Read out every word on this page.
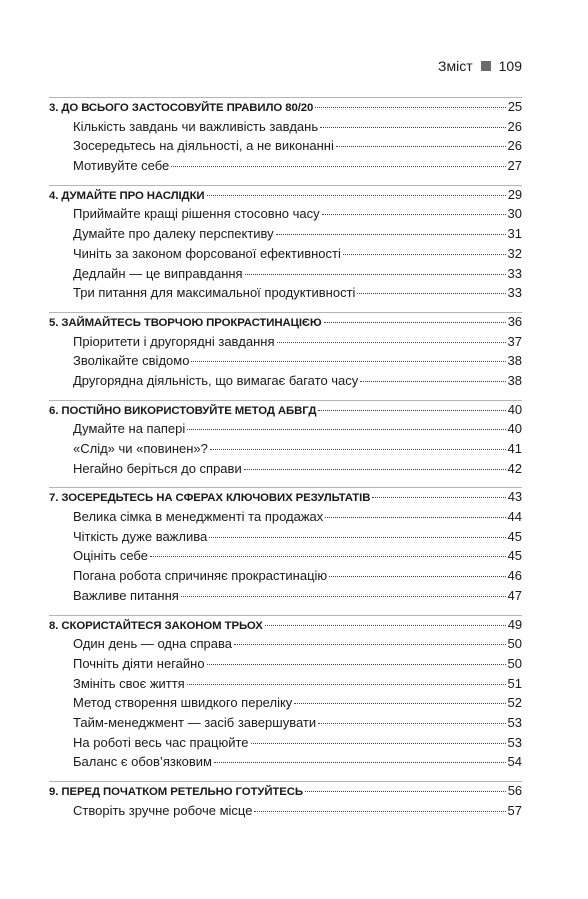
Зміст 109
3. ДО ВСЬОГО ЗАСТОСОВУЙТЕ ПРАВИЛО 80/20	25
Кількість завдань чи важливість завдань	26
Зосередьтесь на діяльності, а не виконанні	26
Мотивуйте себе	27
4. ДУМАЙТЕ ПРО НАСЛІДКИ	29
Приймайте кращі рішення стосовно часу	30
Думайте про далеку перспективу	31
Чиніть за законом форсованої ефективності	32
Дедлайн — це виправдання	33
Три питання для максимальної продуктивності	33
5. ЗАЙМАЙТЕСЬ ТВОРЧОЮ ПРОКРАСТИНАЦІЄЮ	36
Пріоритети і другорядні завдання	37
Зволікайте свідомо	38
Другорядна діяльність, що вимагає багато часу	38
6. ПОСТІЙНО ВИКОРИСТОВУЙТЕ МЕТОД АБВГД	40
Думайте на папері	40
«Слід» чи «повинен»?	41
Негайно беріться до справи	42
7. ЗОСЕРЕДЬТЕСЬ НА СФЕРАХ КЛЮЧОВИХ РЕЗУЛЬТАТІВ	43
Велика сімка в менеджменті та продажах	44
Чіткість дуже важлива	45
Оцініть себе	45
Погана робота спричиняє прокрастинацію	46
Важливе питання	47
8. СКОРИСТАЙТЕСЯ ЗАКОНОМ ТРЬОХ	49
Один день — одна справа	50
Почніть діяти негайно	50
Змініть своє життя	51
Метод створення швидкого переліку	52
Тайм-менеджмент — засіб завершувати	53
На роботі весь час працюйте	53
Баланс є обов’язковим	54
9. ПЕРЕД ПОЧАТКОМ РЕТЕЛЬНО ГОТУЙТЕСЬ	56
Створіть зручне робоче місце	57
